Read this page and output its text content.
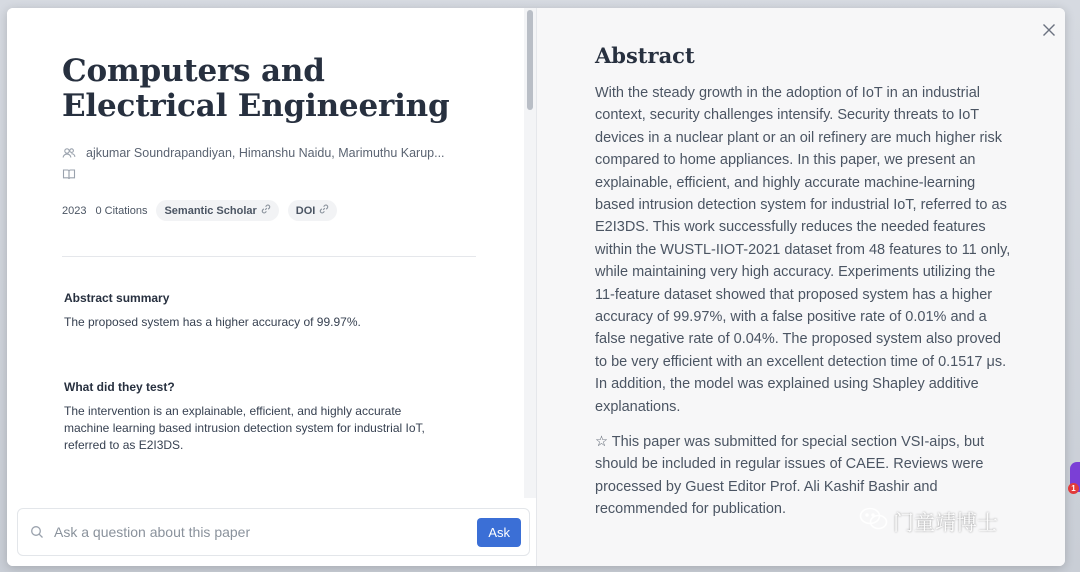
Computers and Electrical Engineering
ajkumar Soundrapandiyan, Himanshu Naidu, Marimuthu Karup...
2023 0 Citations Semantic Scholar	DOI
Abstract summary
The proposed system has a higher accuracy of 99.97%.
What did they test?
The intervention is an explainable, efficient, and highly accurate machine learning based intrusion detection system for industrial IoT, referred to as E2I3DS.
Ask a question about this paper
Ask
Abstract

With the steady growth in the adoption of IoT in an industrial context, security challenges intensify. Security threats to IoT devices in a nuclear plant or an oil refinery are much higher risk compared to home appliances. In this paper, we present an explainable, efficient, and highly accurate machine-learning based intrusion detection system for industrial IoT, referred to as E2I3DS. This work successfully reduces the needed features within the WUSTL-IIOT-2021 dataset from 48 features to 11 only, while maintaining very high accuracy. Experiments utilizing the 11-feature dataset showed that proposed system has a higher accuracy of 99.97%, with a false positive rate of 0.01% and a false negative rate of 0.04%. The proposed system also proved to be very efficient with an excellent detection time of 0.1517 μs. In addition, the model was explained using Shapley additive explanations.

☆ This paper was submitted for special section VSI-aips, but should be included in regular issues of CAEE. Reviews were processed by Guest Editor Prof. Ali Kashif Bashir and recommended for publication.

门童靖博士
1
